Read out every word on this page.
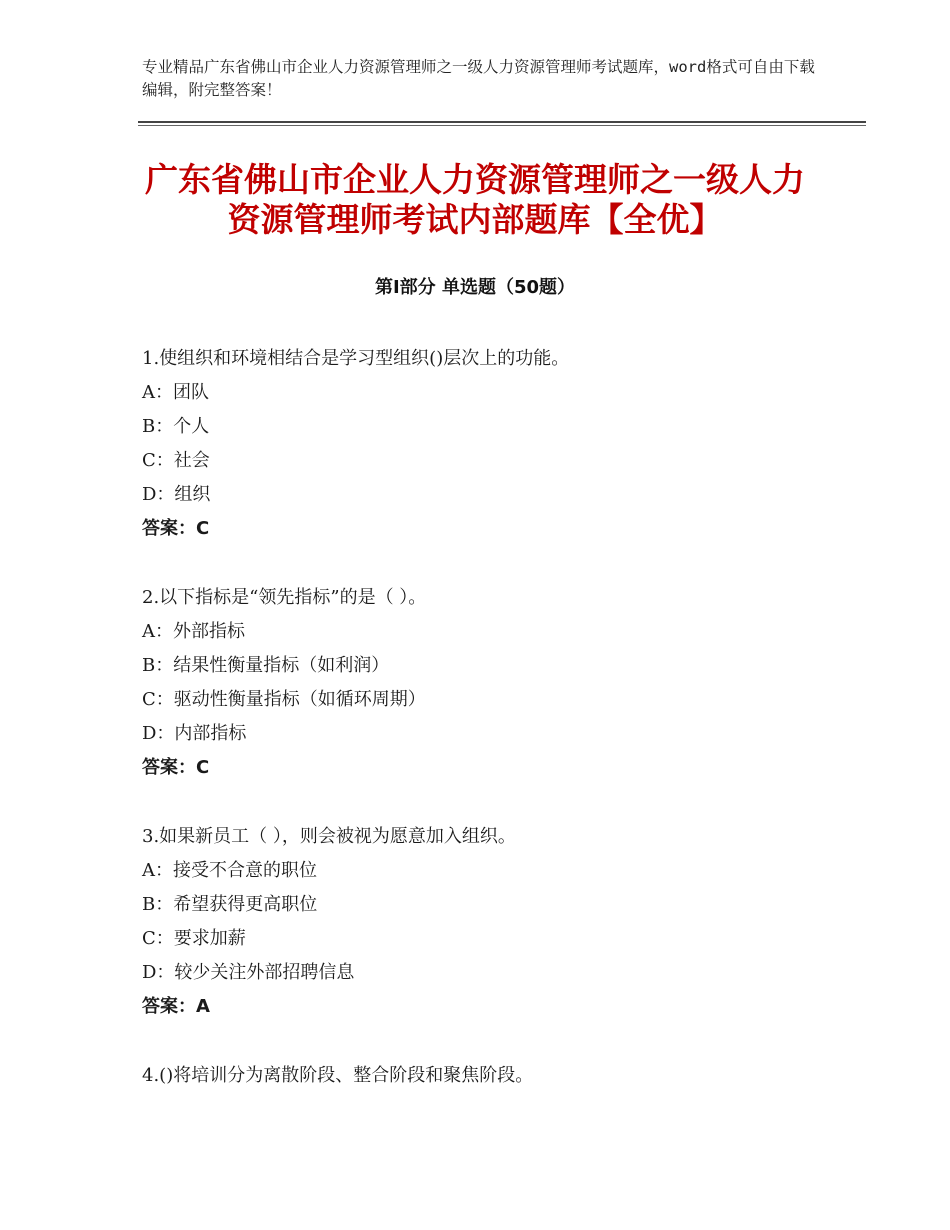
专业精品广东省佛山市企业人力资源管理师之一级人力资源管理师考试题库，word格式可自由下载编辑，附完整答案！
广东省佛山市企业人力资源管理师之一级人力资源管理师考试内部题库【全优】
第Ⅰ部分 单选题（50题）
1.使组织和环境相结合是学习型组织()层次上的功能。
A：团队
B：个人
C：社会
D：组织
答案：C
2.以下指标是“领先指标”的是（ ）。
A：外部指标
B：结果性衡量指标（如利润）
C：驱动性衡量指标（如循环周期）
D：内部指标
答案：C
3.如果新员工（ ），则会被视为愿意加入组织。
A：接受不合意的职位
B：希望获得更高职位
C：要求加薪
D：较少关注外部招聘信息
答案：A
4.()将培训分为离散阶段、整合阶段和聚焦阶段。
